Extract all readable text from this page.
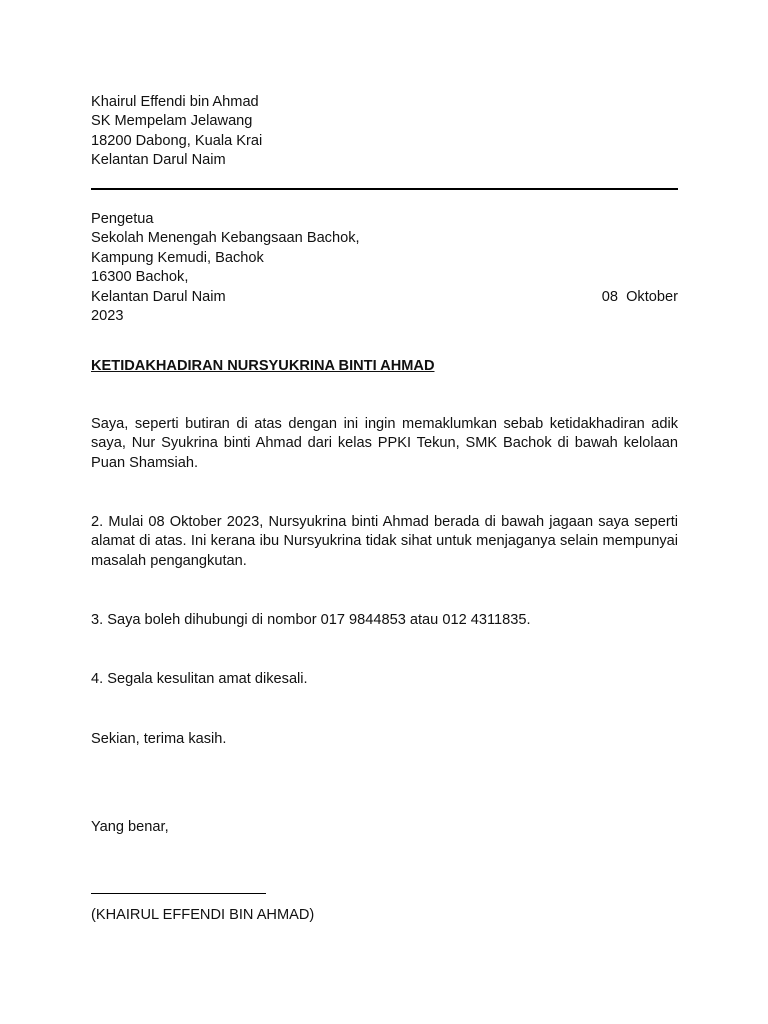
Khairul Effendi bin Ahmad
SK Mempelam Jelawang
18200 Dabong, Kuala Krai
Kelantan Darul Naim
Pengetua
Sekolah Menengah Kebangsaan Bachok,
Kampung Kemudi, Bachok
16300 Bachok,
Kelantan Darul Naim	08 Oktober
2023
KETIDAKHADIRAN NURSYUKRINA BINTI AHMAD
Saya, seperti butiran di atas dengan ini ingin memaklumkan sebab ketidakhadiran adik saya, Nur Syukrina binti Ahmad dari kelas PPKI Tekun, SMK Bachok di bawah kelolaan Puan Shamsiah.
2. Mulai 08 Oktober 2023, Nursyukrina binti Ahmad berada di bawah jagaan saya seperti alamat di atas. Ini kerana ibu Nursyukrina tidak sihat untuk menjaganya selain mempunyai masalah pengangkutan.
3. Saya boleh dihubungi di nombor 017 9844853 atau 012 4311835.
4. Segala kesulitan amat dikesali.
Sekian, terima kasih.
Yang benar,
(KHAIRUL EFFENDI BIN AHMAD)
